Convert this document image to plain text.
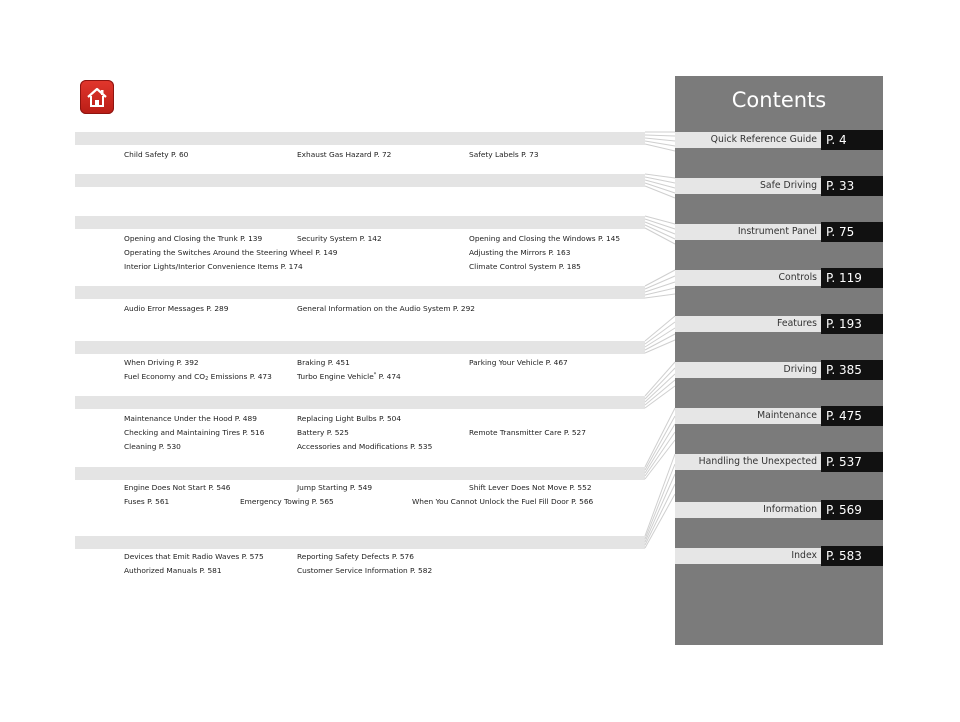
Child Safety P. 60	Exhaust Gas Hazard P. 72	Safety Labels P. 73
Opening and Closing the Trunk P. 139	Security System P. 142	Opening and Closing the Windows P. 145
Operating the Switches Around the Steering Wheel P. 149	Adjusting the Mirrors P. 163
Interior Lights/Interior Convenience Items P. 174	Climate Control System P. 185
Audio Error Messages P. 289	General Information on the Audio System P. 292
When Driving P. 392	Braking P. 451	Parking Your Vehicle P. 467
Fuel Economy and $CO_2$ Emissions P. 473	Turbo Engine Vehicle* P. 474
Maintenance Under the Hood P. 489	Replacing Light Bulbs P. 504
Checking and Maintaining Tires P. 516	Battery P. 525	Remote Transmitter Care P. 527
Cleaning P. 530	Accessories and Modifications P. 535
Engine Does Not Start P. 546	Jump Starting P. 549	Shift Lever Does Not Move P. 552
Fuses P. 561	Emergency Towing P. 565	When You Cannot Unlock the Fuel Fill Door P. 566
Devices that Emit Radio Waves P. 575	Reporting Safety Defects P. 576
Authorized Manuals P. 581	Customer Service Information P. 582
Contents
Quick Reference Guide P. 4
Safe Driving P. 33
Instrument Panel P. 75
Controls P. 119
Features P. 193
Driving P. 385
Maintenance P. 475
Handling the Unexpected P. 537
Information P. 569
Index P. 583
